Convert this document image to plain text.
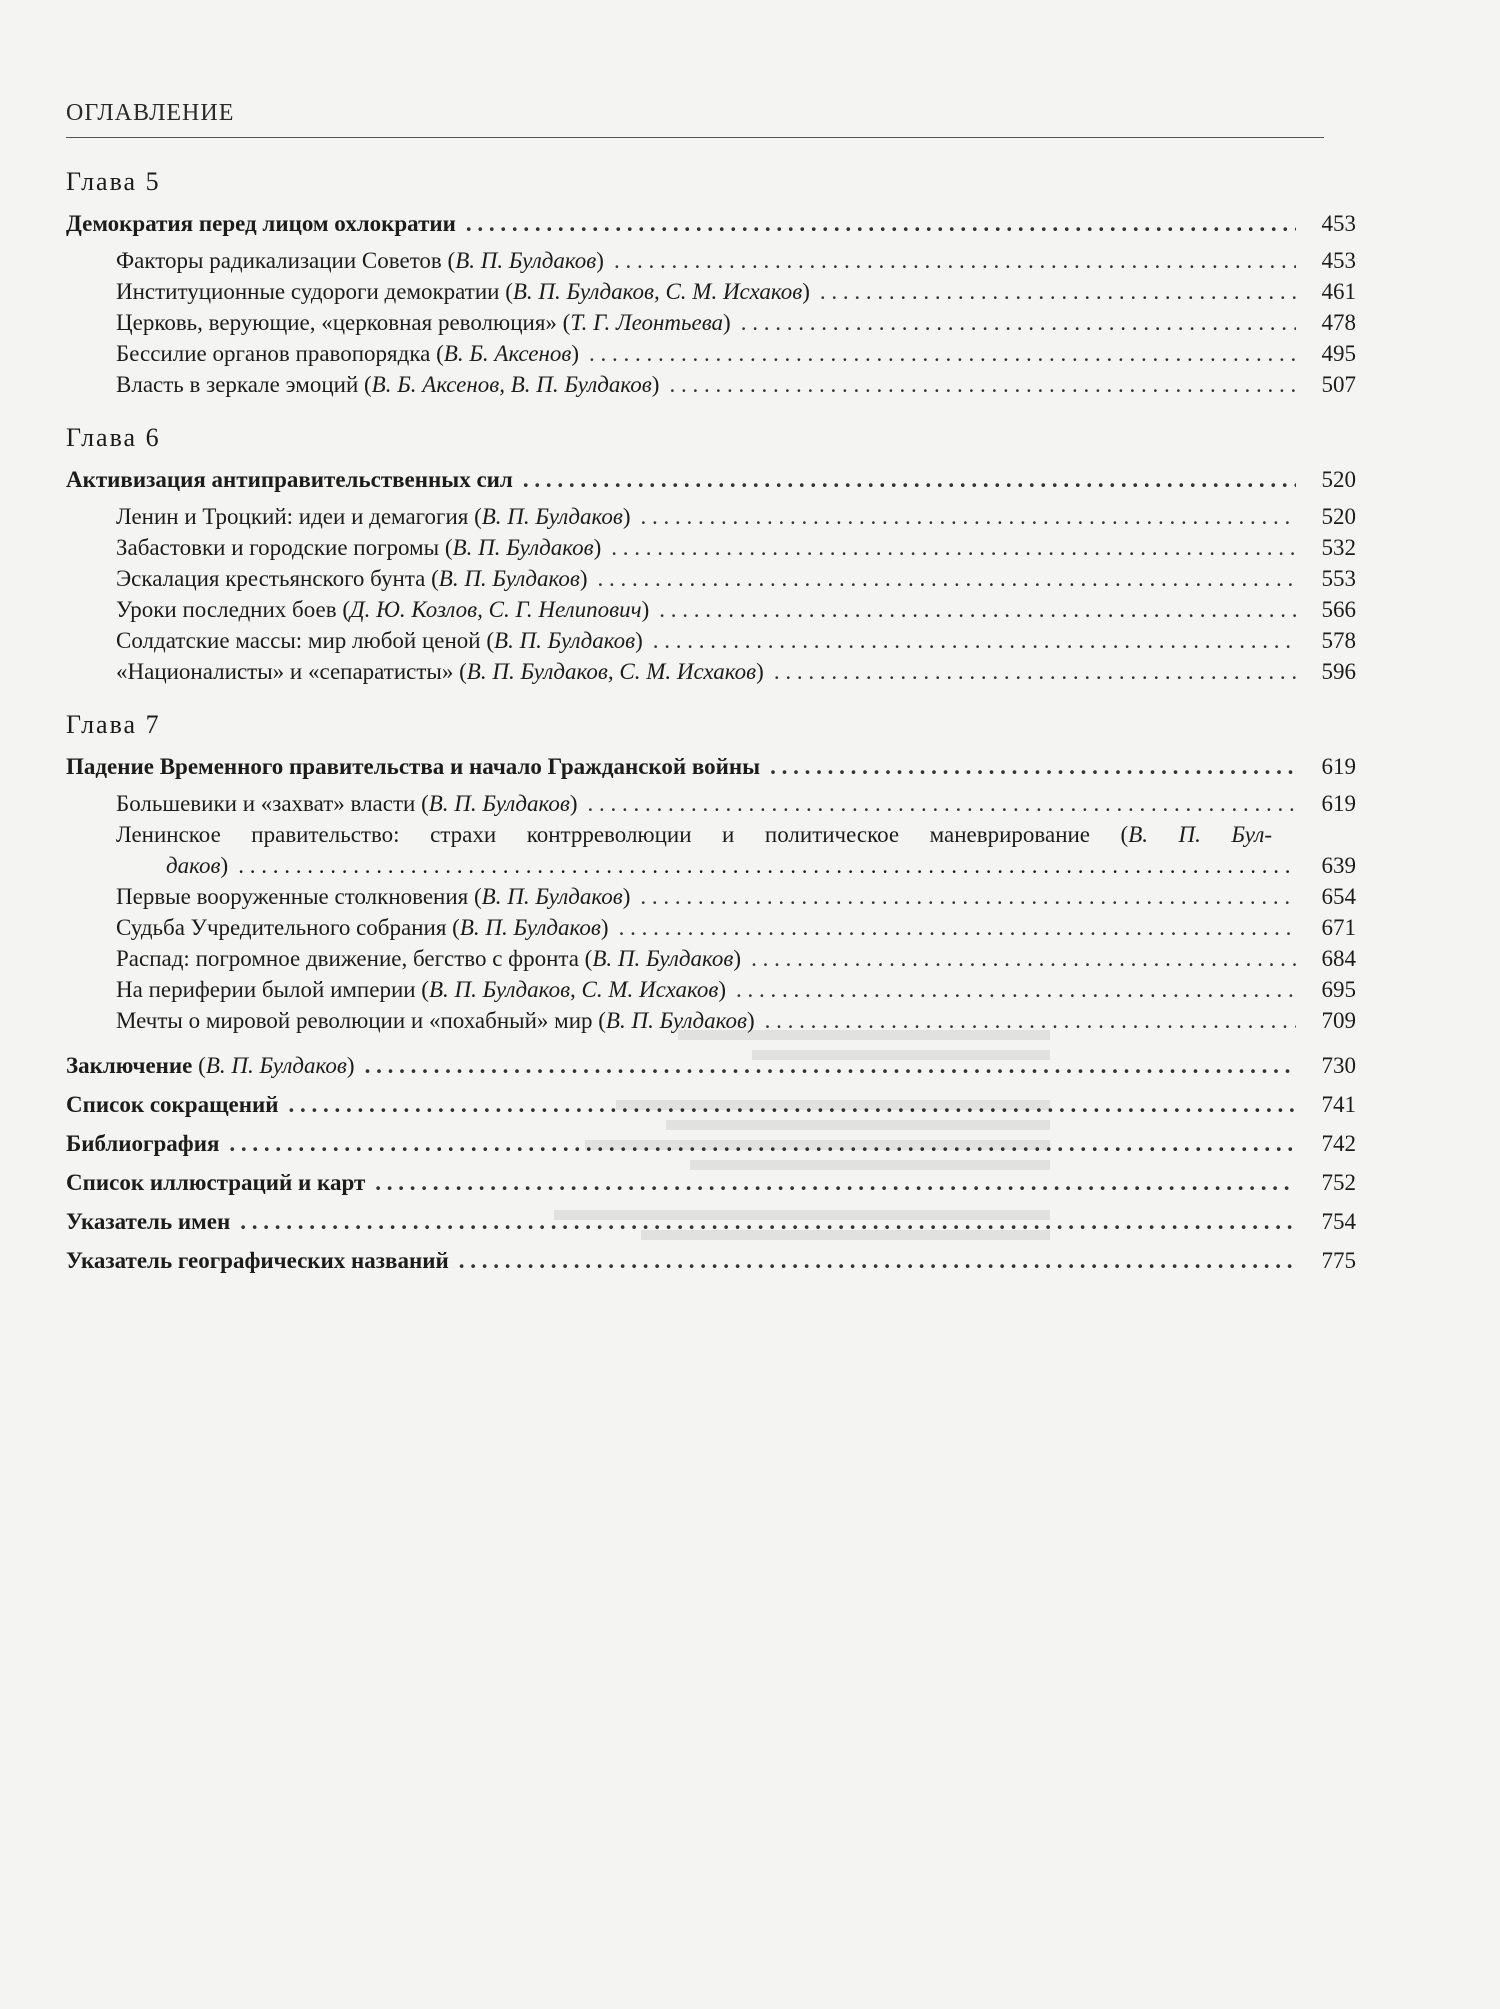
ОГЛАВЛЕНИЕ
Глава 5
Демократия перед лицом охлократии . . .	453
Факторы радикализации Советов (В. П. Булдаков) . . .	453
Институционные судороги демократии (В. П. Булдаков, С. М. Исхаков) . . .	461
Церковь, верующие, «церковная революция» (Т. Г. Леонтьева) . . .	478
Бессилие органов правопорядка (В. Б. Аксенов) . . .	495
Власть в зеркале эмоций (В. Б. Аксенов, В. П. Булдаков) . . .	507
Глава 6
Активизация антиправительственных сил . . .	520
Ленин и Троцкий: идеи и демагогия (В. П. Булдаков) . . .	520
Забастовки и городские погромы (В. П. Булдаков) . . .	532
Эскалация крестьянского бунта (В. П. Булдаков) . . .	553
Уроки последних боев (Д. Ю. Козлов, С. Г. Нелипович) . . .	566
Солдатские массы: мир любой ценой (В. П. Булдаков) . . .	578
«Националисты» и «сепаратисты» (В. П. Булдаков, С. М. Исхаков) . . .	596
Глава 7
Падение Временного правительства и начало Гражданской войны . . .	619
Большевики и «захват» власти (В. П. Булдаков) . . .	619
Ленинское правительство: страхи контрреволюции и политическое маневрирование (В. П. Бул-
даков) . . .	639
Первые вооруженные столкновения (В. П. Булдаков) . . .	654
Судьба Учредительного собрания (В. П. Булдаков) . . .	671
Распад: погромное движение, бегство с фронта (В. П. Булдаков) . . .	684
На периферии былой империи (В. П. Булдаков, С. М. Исхаков) . . .	695
Мечты о мировой революции и «похабный» мир (В. П. Булдаков) . . .	709
Заключение (В. П. Булдаков) . . .	730
Список сокращений . . .	741
Библиография . . .	742
Список иллюстраций и карт . . .	752
Указатель имен . . .	754
Указатель географических названий . . .	775
